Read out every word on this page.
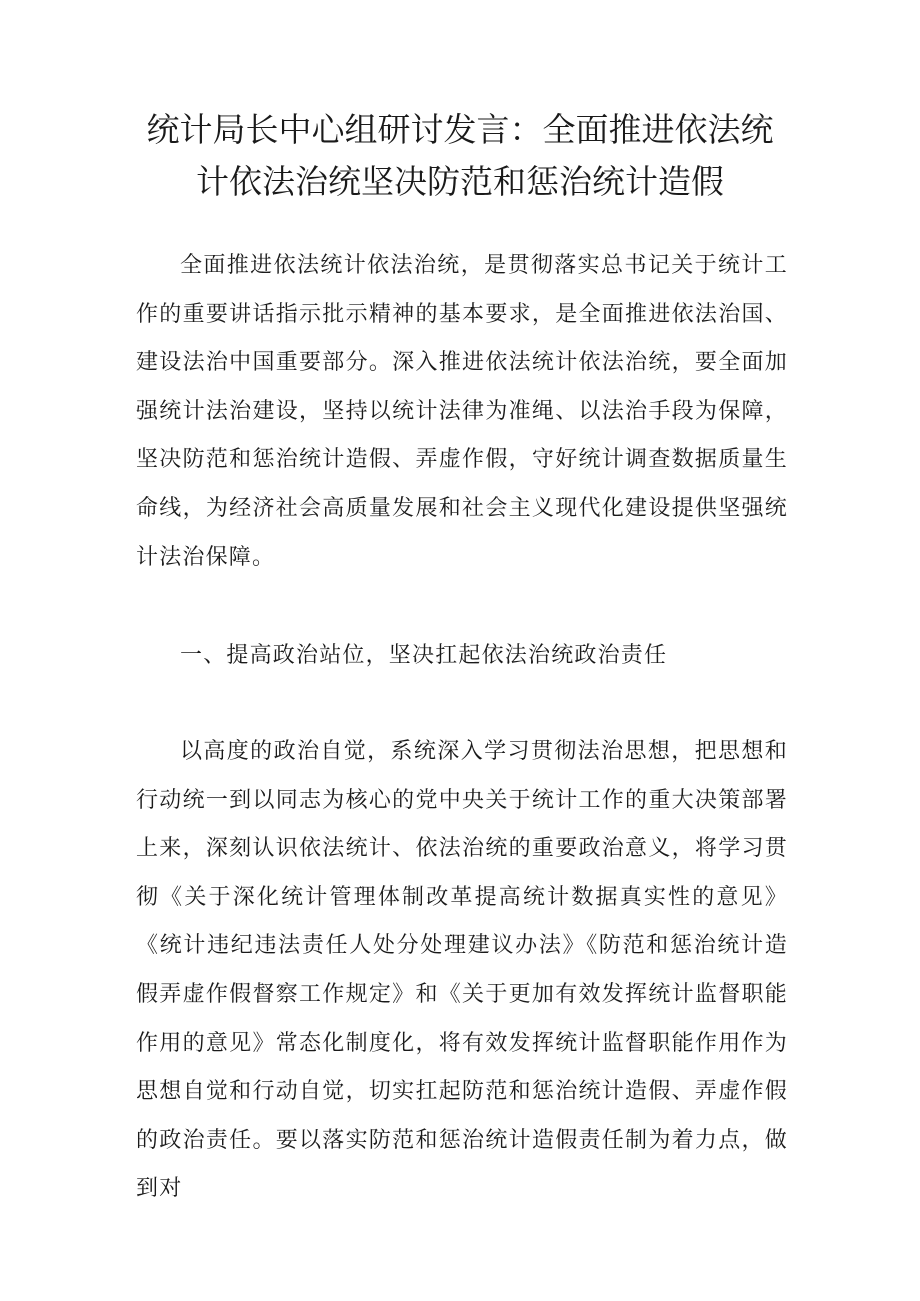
统计局长中心组研讨发言：全面推进依法统
计依法治统坚决防范和惩治统计造假

全面推进依法统计依法治统，是贯彻落实总书记关于统计工作的重要讲话指示批示精神的基本要求，是全面推进依法治国、建设法治中国重要部分。深入推进依法统计依法治统，要全面加强统计法治建设，坚持以统计法律为准绳、以法治手段为保障，坚决防范和惩治统计造假、弄虚作假，守好统计调查数据质量生命线，为经济社会高质量发展和社会主义现代化建设提供坚强统计法治保障。

一、提高政治站位，坚决扛起依法治统政治责任

以高度的政治自觉，系统深入学习贯彻法治思想，把思想和行动统一到以同志为核心的党中央关于统计工作的重大决策部署上来，深刻认识依法统计、依法治统的重要政治意义，将学习贯彻《关于深化统计管理体制改革提高统计数据真实性的意见》《统计违纪违法责任人处分处理建议办法》《防范和惩治统计造假弄虚作假督察工作规定》和《关于更加有效发挥统计监督职能作用的意见》常态化制度化，将有效发挥统计监督职能作用作为思想自觉和行动自觉，切实扛起防范和惩治统计造假、弄虚作假的政治责任。要以落实防范和惩治统计造假责任制为着力点，做到对
